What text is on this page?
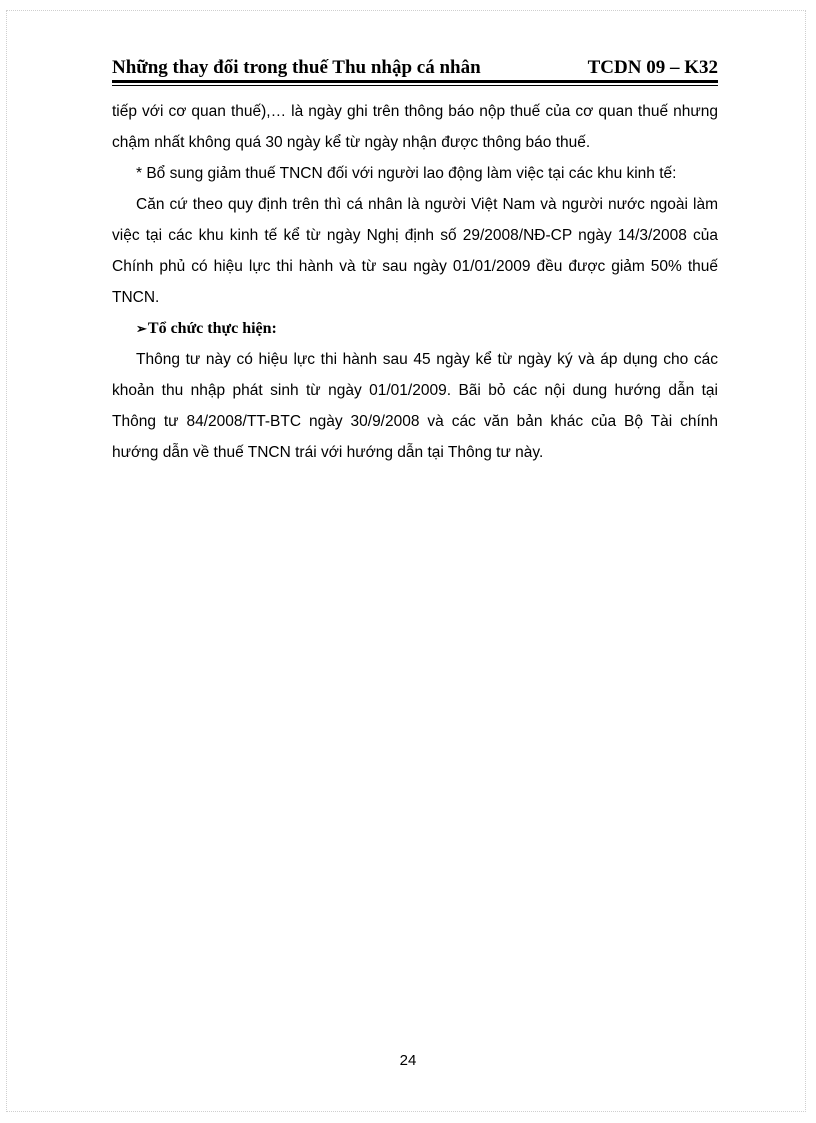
Những thay đổi trong thuế Thu nhập cá nhân	TCDN 09 – K32

tiếp với cơ quan thuế),… là ngày ghi trên thông báo nộp thuế của cơ quan thuế nhưng chậm nhất không quá 30 ngày kể từ ngày nhận được thông báo thuế.

* Bổ sung giảm thuế TNCN đối với người lao động làm việc tại các khu kinh tế:

Căn cứ theo quy định trên thì cá nhân là người Việt Nam và người nước ngoài làm việc tại các khu kinh tế kể từ ngày Nghị định số 29/2008/NĐ-CP ngày 14/3/2008 của Chính phủ có hiệu lực thi hành và từ sau ngày 01/01/2009 đều được giảm 50% thuế TNCN.

➢Tổ chức thực hiện:

Thông tư này có hiệu lực thi hành sau 45 ngày kể từ ngày ký và áp dụng cho các khoản thu nhập phát sinh từ ngày 01/01/2009. Bãi bỏ các nội dung hướng dẫn tại Thông tư 84/2008/TT-BTC ngày 30/9/2008 và các văn bản khác của Bộ Tài chính hướng dẫn về thuế TNCN trái với hướng dẫn tại Thông tư này.

24
